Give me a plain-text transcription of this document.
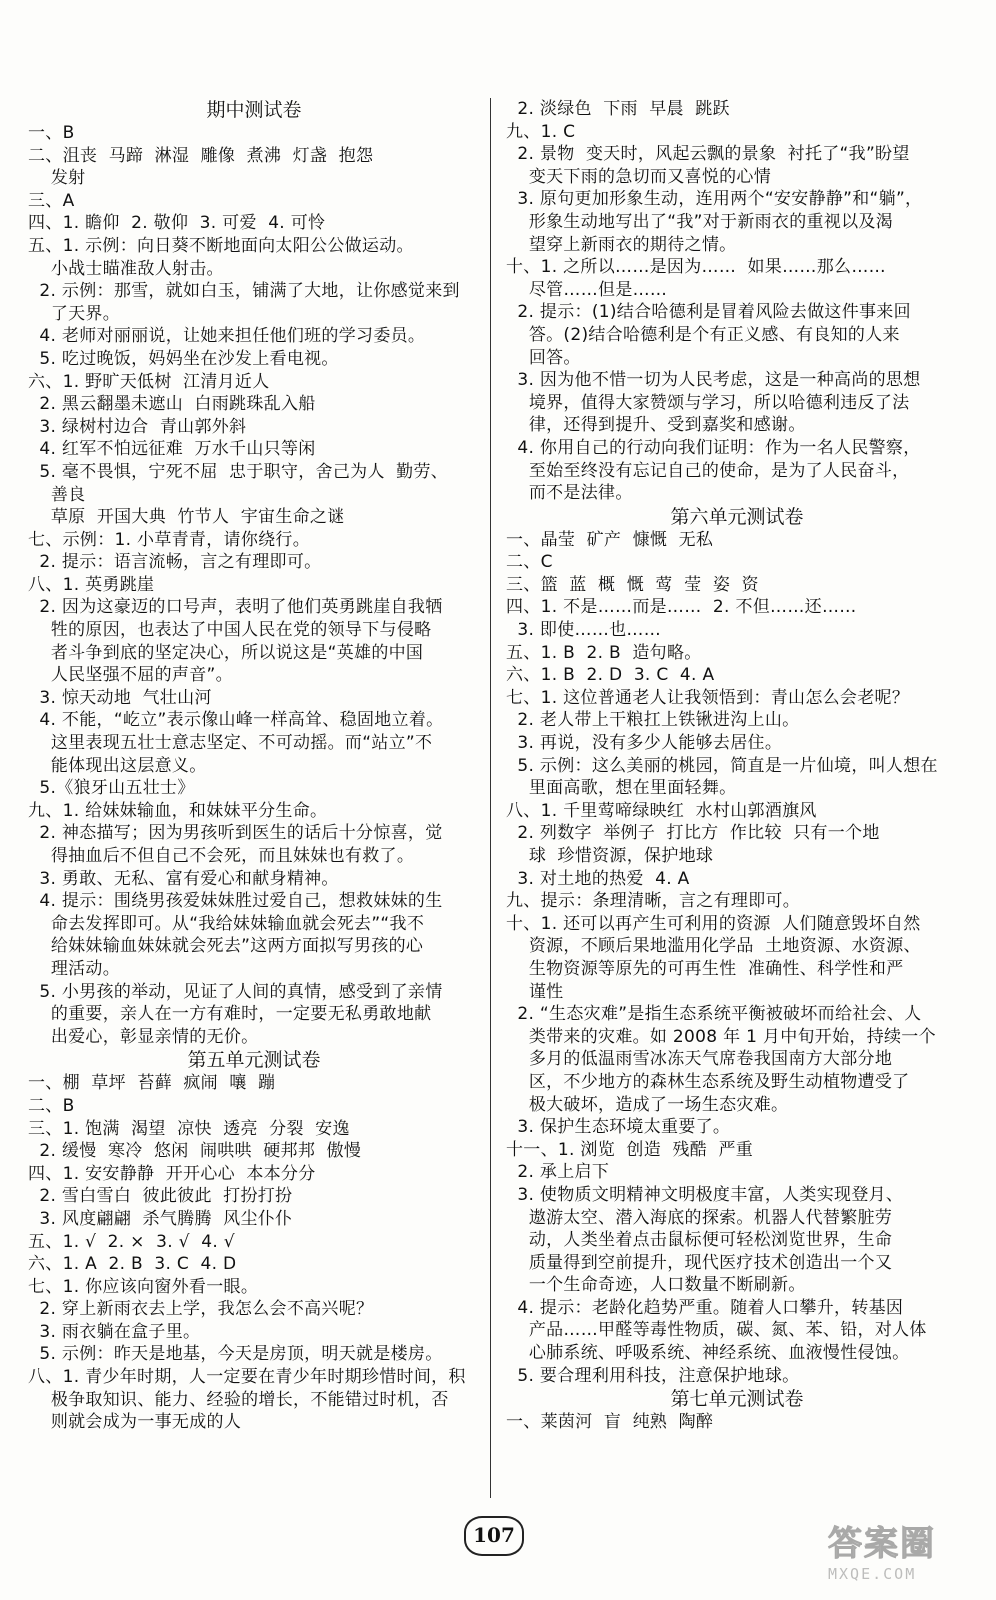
期中测试卷
一、B
二、沮丧  马蹄  淋湿  雕像  煮沸  灯盏  抱怨
发射
三、A
四、1. 瞻仰  2. 敬仰  3. 可爱  4. 可怜
五、1. 示例：向日葵不断地面向太阳公公做运动。
小战士瞄准敌人射击。
2. 示例：那雪，就如白玉，铺满了大地，让你感觉来到
了天界。
4. 老师对丽丽说，让她来担任他们班的学习委员。
5. 吃过晚饭，妈妈坐在沙发上看电视。
六、1. 野旷天低树  江清月近人
2. 黑云翻墨未遮山  白雨跳珠乱入船
3. 绿树村边合  青山郭外斜
4. 红军不怕远征难  万水千山只等闲
5. 毫不畏惧，宁死不屈  忠于职守，舍己为人  勤劳、
善良
草原  开国大典  竹节人  宇宙生命之谜
七、示例：1. 小草青青，请你绕行。
2. 提示：语言流畅，言之有理即可。
八、1. 英勇跳崖
2. 因为这豪迈的口号声，表明了他们英勇跳崖自我牺
牲的原因，也表达了中国人民在党的领导下与侵略
者斗争到底的坚定决心，所以说这是“英雄的中国
人民坚强不屈的声音”。
3. 惊天动地  气壮山河
4. 不能，“屹立”表示像山峰一样高耸、稳固地立着。
这里表现五壮士意志坚定、不可动摇。而“站立”不
能体现出这层意义。
5.《狼牙山五壮士》
九、1. 给妹妹输血，和妹妹平分生命。
2. 神态描写；因为男孩听到医生的话后十分惊喜，觉
得抽血后不但自己不会死，而且妹妹也有救了。
3. 勇敢、无私、富有爱心和献身精神。
4. 提示：围绕男孩爱妹妹胜过爱自己，想救妹妹的生
命去发挥即可。从“我给妹妹输血就会死去”“我不
给妹妹输血妹妹就会死去”这两方面拟写男孩的心
理活动。
5. 小男孩的举动，见证了人间的真情，感受到了亲情
的重要，亲人在一方有难时，一定要无私勇敢地献
出爱心，彰显亲情的无价。
第五单元测试卷
一、棚  草坪  苔藓  疯闹  嚷  蹦
二、B
三、1. 饱满  渴望  凉快  透亮  分裂  安逸
2. 缓慢  寒冷  悠闲  闹哄哄  硬邦邦  傲慢
四、1. 安安静静  开开心心  本本分分
2. 雪白雪白  彼此彼此  打扮打扮
3. 风度翩翩  杀气腾腾  风尘仆仆
五、1. √  2. ×  3. √  4. √
六、1. A  2. B  3. C  4. D
七、1. 你应该向窗外看一眼。
2. 穿上新雨衣去上学，我怎么会不高兴呢？
3. 雨衣躺在盒子里。
5. 示例：昨天是地基，今天是房顶，明天就是楼房。
八、1. 青少年时期，人一定要在青少年时期珍惜时间，积
极争取知识、能力、经验的增长，不能错过时机，否
则就会成为一事无成的人
2. 淡绿色  下雨  早晨  跳跃
九、1. C
2. 景物  变天时，风起云飘的景象  衬托了“我”盼望
变天下雨的急切而又喜悦的心情
3. 原句更加形象生动，连用两个“安安静静”和“躺”，
形象生动地写出了“我”对于新雨衣的重视以及渴
望穿上新雨衣的期待之情。
十、1. 之所以……是因为……  如果……那么……
尽管……但是……
2. 提示：(1)结合哈德利是冒着风险去做这件事来回
答。(2)结合哈德利是个有正义感、有良知的人来
回答。
3. 因为他不惜一切为人民考虑，这是一种高尚的思想
境界，值得大家赞颂与学习，所以哈德利违反了法
律，还得到提升、受到嘉奖和感谢。
4. 你用自己的行动向我们证明：作为一名人民警察，
至始至终没有忘记自己的使命，是为了人民奋斗，
而不是法律。
第六单元测试卷
一、晶莹  矿产  慷慨  无私
二、C
三、篮  蓝  概  慨  莺  莹  姿  资
四、1. 不是……而是……  2. 不但……还……
3. 即使……也……
五、1. B  2. B  造句略。
六、1. B  2. D  3. C  4. A
七、1. 这位普通老人让我领悟到：青山怎么会老呢？
2. 老人带上干粮扛上铁锹进沟上山。
3. 再说，没有多少人能够去居住。
5. 示例：这么美丽的桃园，简直是一片仙境，叫人想在
里面高歌，想在里面轻舞。
八、1. 千里莺啼绿映红  水村山郭酒旗风
2. 列数字  举例子  打比方  作比较  只有一个地
球  珍惜资源，保护地球
3. 对土地的热爱  4. A
九、提示：条理清晰，言之有理即可。
十、1. 还可以再产生可利用的资源  人们随意毁坏自然
资源，不顾后果地滥用化学品  土地资源、水资源、
生物资源等原先的可再生性  准确性、科学性和严
谨性
2. “生态灾难”是指生态系统平衡被破坏而给社会、人
类带来的灾难。如 2008 年 1 月中旬开始，持续一个
多月的低温雨雪冰冻天气席卷我国南方大部分地
区，不少地方的森林生态系统及野生动植物遭受了
极大破坏，造成了一场生态灾难。
3. 保护生态环境太重要了。
十一、1. 浏览  创造  残酷  严重
2. 承上启下
3. 使物质文明精神文明极度丰富，人类实现登月、
遨游太空、潜入海底的探索。机器人代替繁脏劳
动，人类坐着点击鼠标便可轻松浏览世界，生命
质量得到空前提升，现代医疗技术创造出一个又
一个生命奇迹，人口数量不断刷新。
4. 提示：老龄化趋势严重。随着人口攀升，转基因
产品……甲醛等毒性物质，碳、氮、苯、铅，对人体
心肺系统、呼吸系统、神经系统、血液慢性侵蚀。
5. 要合理利用科技，注意保护地球。
第七单元测试卷
一、莱茵河  盲  纯熟  陶醉
107	答案圈
MXQE.COM
